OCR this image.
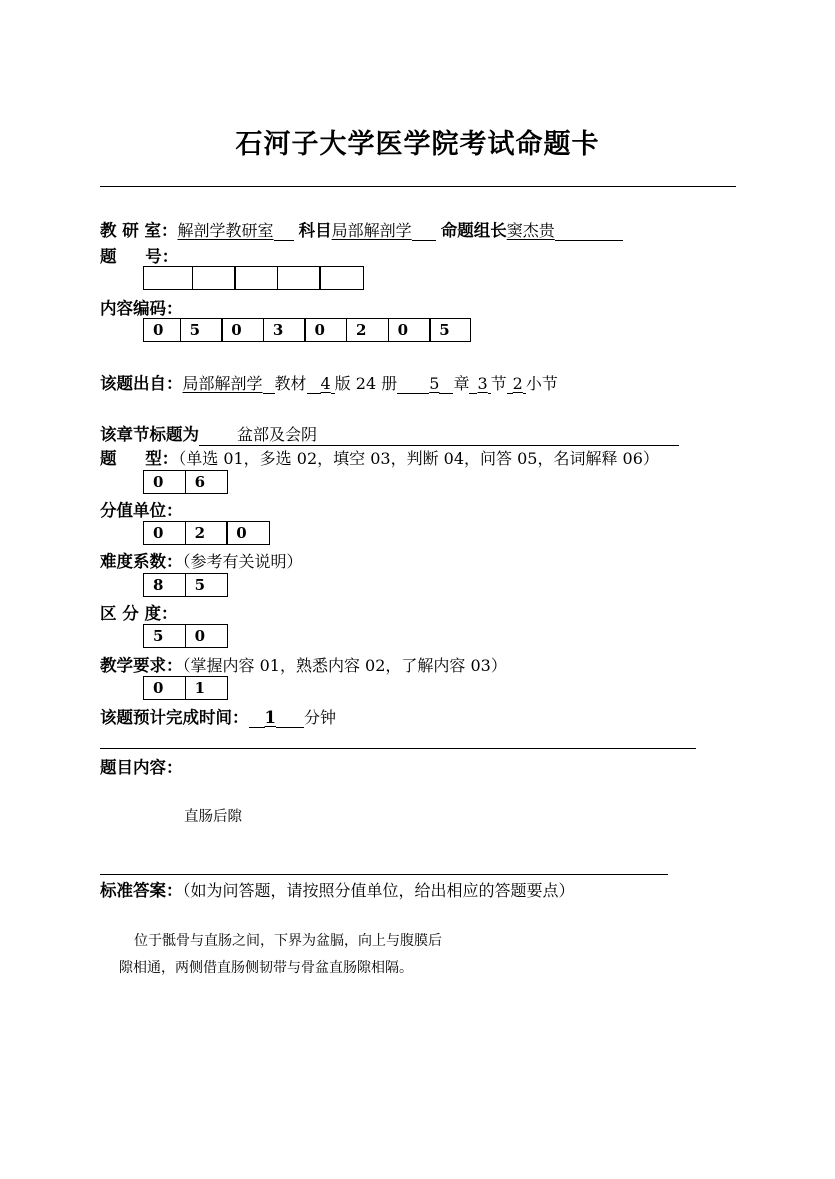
石河子大学医学院考试命题卡
教 研 室：解剖学教研室 科目局部解剖学 命题组长窦杰贵
题     号：
内容编码：
0	5	0	3	0	2	0	5
该题出自：局部解剖学 教材 4 版 24 册 5 章 3 节 2 小节
该章节标题为 盆部及会阴
题     型：（单选 01，多选 02，填空 03，判断 04，问答 05，名词解释 06）
0	6
分值单位：
0	2	0
难度系数：（参考有关说明）
8	5
区 分 度：
5	0
教学要求：（掌握内容 01，熟悉内容 02，了解内容 03）
0	1
该题预计完成时间： 1 分钟
题目内容：
直肠后隙
标准答案：（如为问答题，请按照分值单位，给出相应的答题要点）
位于骶骨与直肠之间，下界为盆膈，向上与腹膜后
隙相通，两侧借直肠侧韧带与骨盆直肠隙相隔。
